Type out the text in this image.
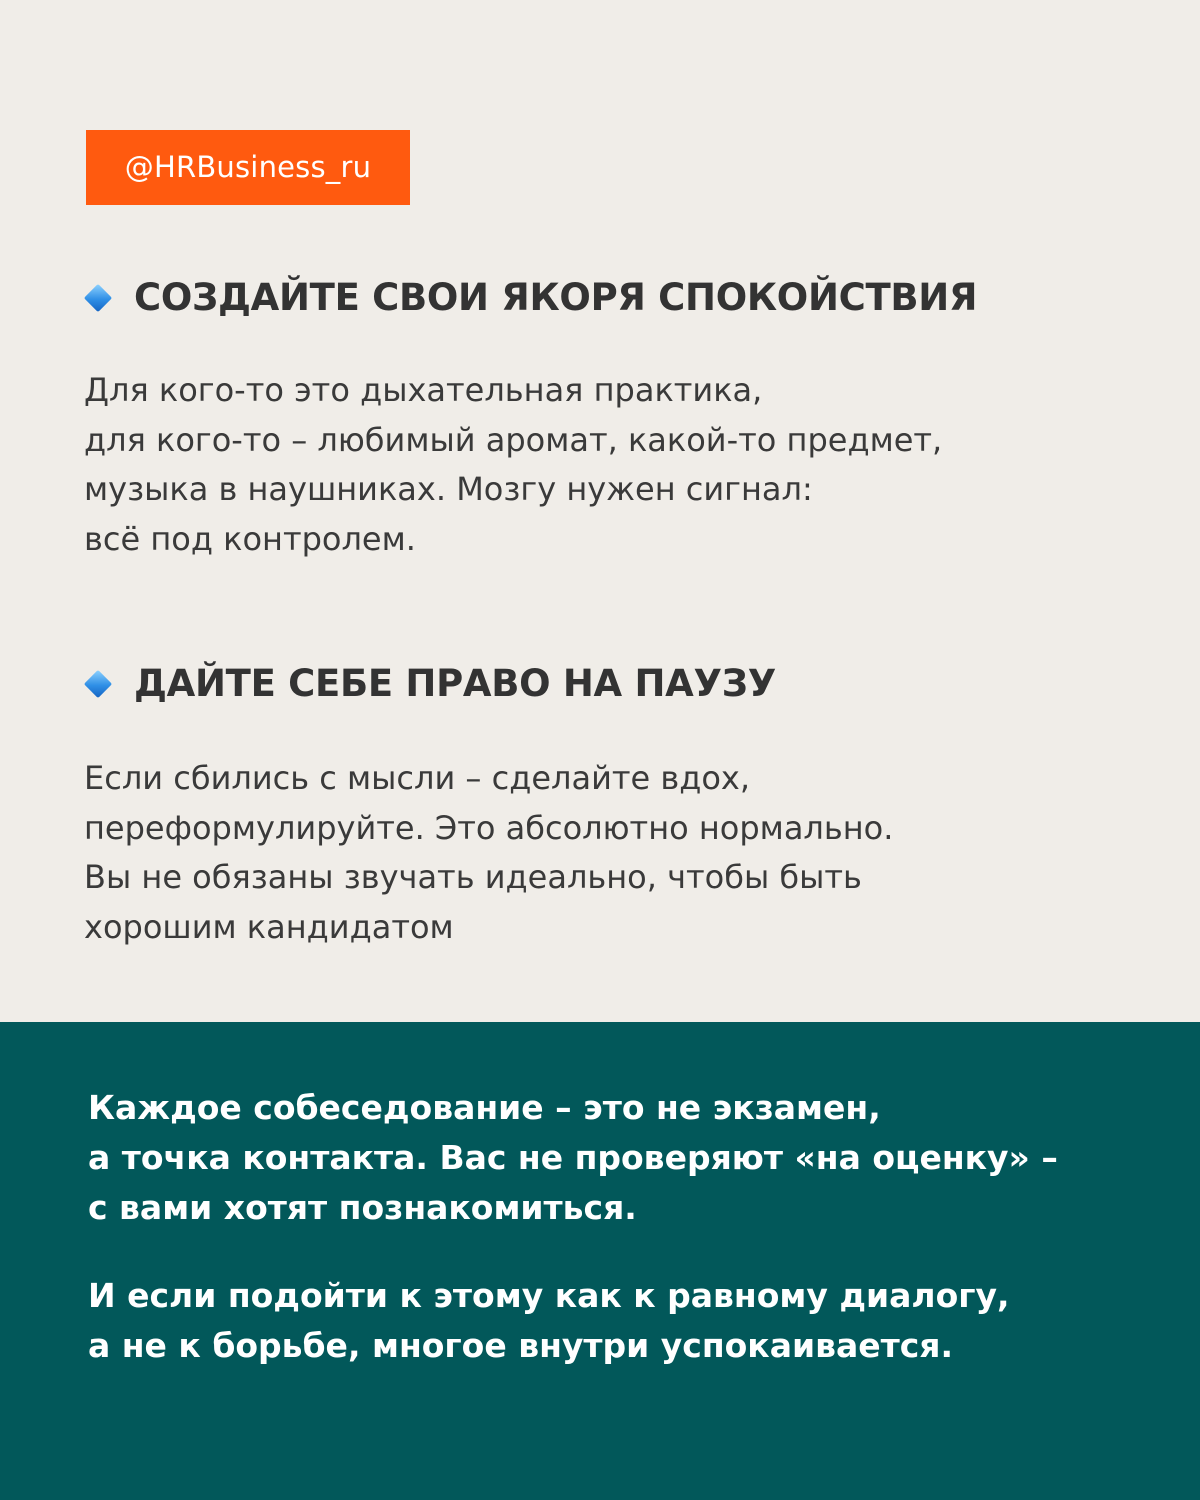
@HRBusiness_ru
СОЗДАЙТЕ СВОИ ЯКОРЯ СПОКОЙСТВИЯ
Для кого-то это дыхательная практика,
для кого-то – любимый аромат, какой-то предмет,
музыка в наушниках. Мозгу нужен сигнал:
всё под контролем.
ДАЙТЕ СЕБЕ ПРАВО НА ПАУЗУ
Если сбились с мысли – сделайте вдох,
переформулируйте. Это абсолютно нормально.
Вы не обязаны звучать идеально, чтобы быть
хорошим кандидатом
Каждое собеседование – это не экзамен,
а точка контакта. Вас не проверяют «на оценку» –
с вами хотят познакомиться.
И если подойти к этому как к равному диалогу,
а не к борьбе, многое внутри успокаивается.
